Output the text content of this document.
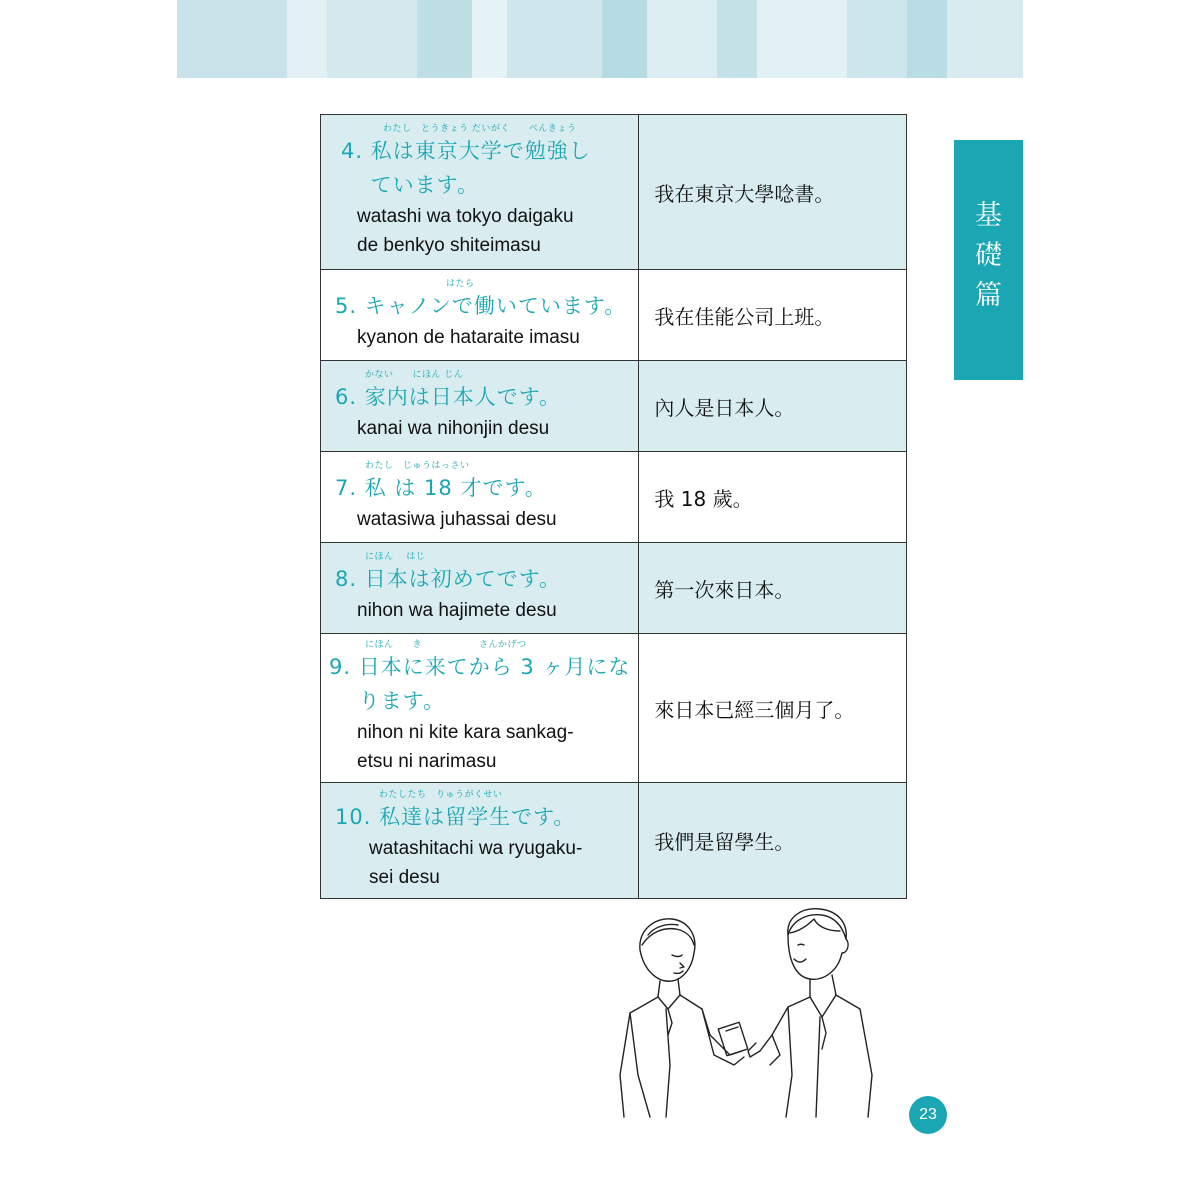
基
礎
篇
わたし　とうきょう だいがく　　べんきょう
4. 私は東京大学で勉強し
　 ています。
watashi wa tokyo daigaku
de benkyo shiteimasu	我在東京大學唸書。

　　　　　　はたら
5. キャノンで働いています。
kyanon de hataraite imasu	我在佳能公司上班。

かない　　にほん じん
6. 家内は日本人です。
kanai wa nihonjin desu	內人是日本人。

わたし　じゅうはっさい
7. 私 は 18 才です。
watasiwa juhassai desu	我 18 歲。

にほん　 はじ
8. 日本は初めてです。
nihon wa hajimete desu	第一次來日本。

にほん　　き　　　　　　さんかげつ
9. 日本に来てから 3 ヶ月にな
　 ります。
nihon ni kite kara sankag-
etsu ni narimasu	來日本已經三個月了。

わたしたち　りゅうがくせい
10. 私達は留学生です。
watashitachi wa ryugaku-
sei desu	我們是留學生。
23
